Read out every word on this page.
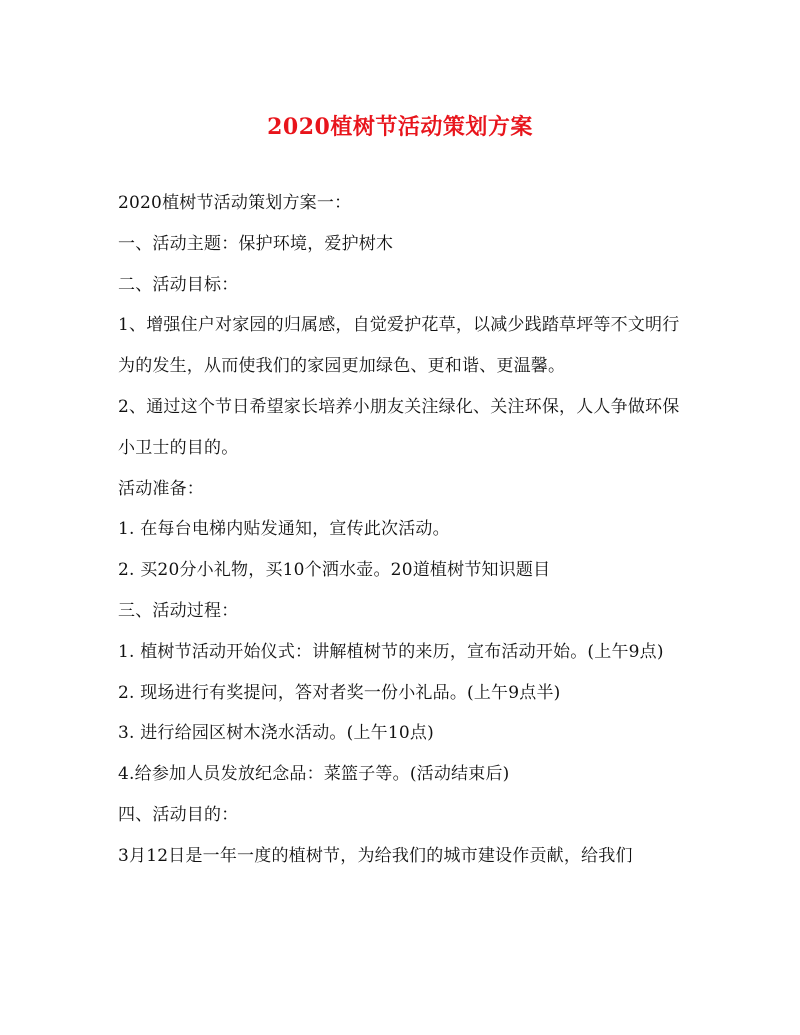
2020植树节活动策划方案

2020植树节活动策划方案一：

一、活动主题：保护环境，爱护树木

二、活动目标：

1、增强住户对家园的归属感，自觉爱护花草，以减少践踏草坪等不文明行为的发生，从而使我们的家园更加绿色、更和谐、更温馨。

2、通过这个节日希望家长培养小朋友关注绿化、关注环保，人人争做环保小卫士的目的。

活动准备：

1. 在每台电梯内贴发通知，宣传此次活动。

2. 买20分小礼物，买10个洒水壶。20道植树节知识题目

三、活动过程：

1. 植树节活动开始仪式：讲解植树节的来历，宣布活动开始。(上午9点)

2. 现场进行有奖提问，答对者奖一份小礼品。(上午9点半)

3. 进行给园区树木浇水活动。(上午10点)

4.给参加人员发放纪念品：菜篮子等。(活动结束后)

四、活动目的：

3月12日是一年一度的植树节，为给我们的城市建设作贡献，给我们
